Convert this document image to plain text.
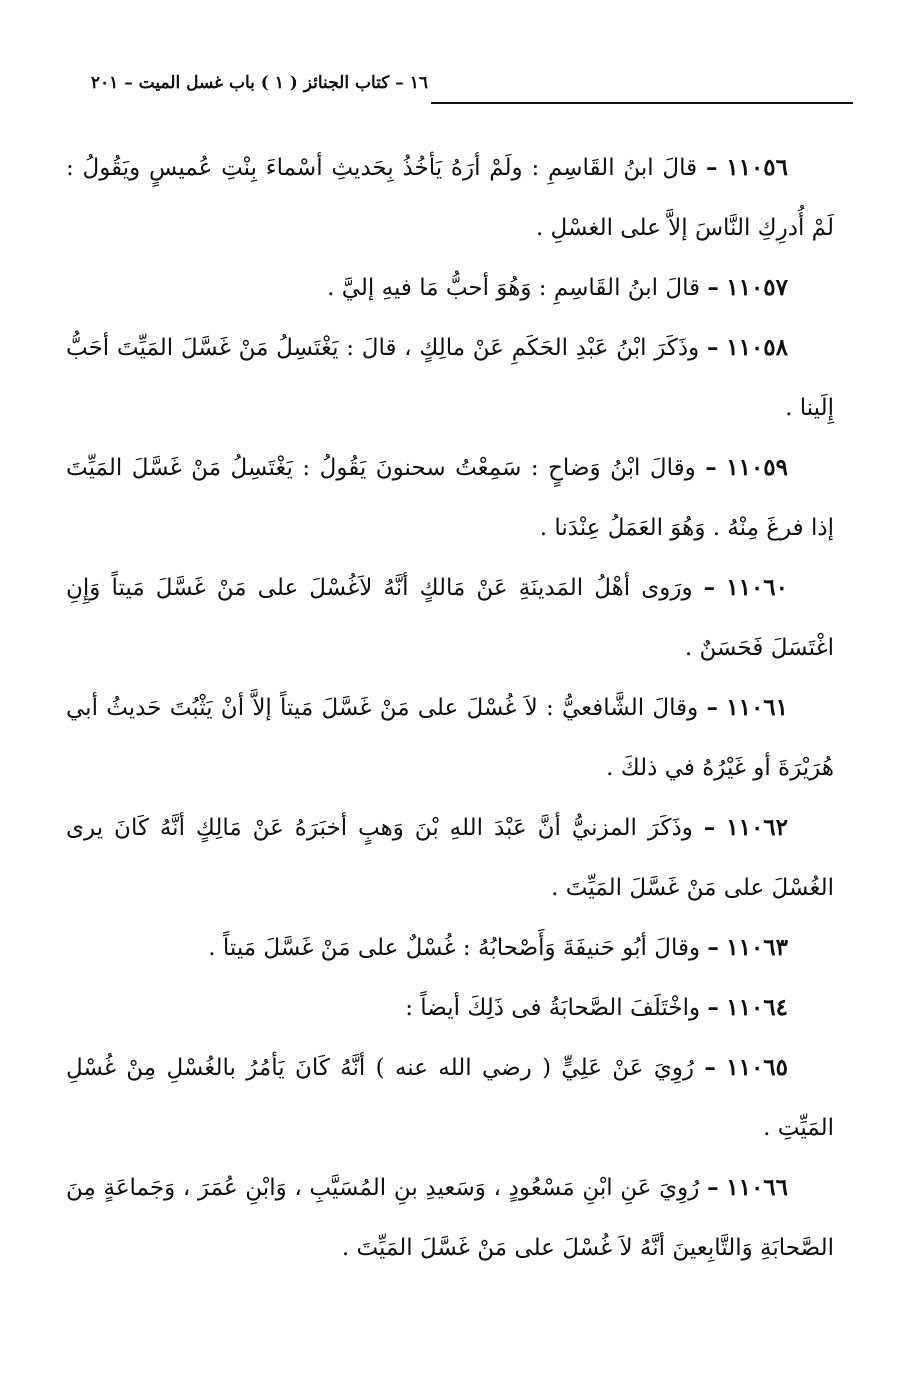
١٦ – كتاب الجنائز ( ١ ) باب غسل الميت – ٢٠١

١١٠٥٦ – قالَ ابنُ القَاسِمِ : ولَمْ أرَهُ يَأخُذُ بِحَديثِ أسْماءَ بِنْتِ عُميسٍ ويَقُولُ : لَمْ أُدرِكِ النَّاسَ إلاَّ على الغسْلِ .

١١٠٥٧ – قالَ ابنُ القَاسِمِ : وَهُوَ أحبُّ مَا فيهِ إليَّ .

١١٠٥٨ – وذَكَرَ ابْنُ عَبْدِ الحَكَمِ عَنْ مالِكٍ ، قالَ : يَغْتَسِلُ مَنْ غَسَّلَ المَيِّتَ أحَبُّ إِلَينا .

١١٠٥٩ – وقالَ ابْنُ وَضاحٍ : سَمِعْتُ سحنونَ يَقُولُ : يَغْتَسِلُ مَنْ غَسَّلَ المَيِّتَ إذا فرغَ مِنْهُ . وَهُوَ العَمَلُ عِنْدَنا .

١١٠٦٠ – ورَوى أهْلُ المَدينَةِ عَنْ مَالكٍ أنَّهُ لاَغُسْلَ على مَنْ غَسَّلَ مَيتاً وَإِنِ اغْتَسَلَ فَحَسَنٌ .

١١٠٦١ – وقالَ الشَّافعيُّ : لاَ غُسْلَ على مَنْ غَسَّلَ مَيتاً إلاَّ أنْ يَثْبُتَ حَديثُ أبي هُرَيْرَةَ أو غَيْرُهُ في ذلكَ .

١١٠٦٢ – وذَكَرَ المزنيُّ أنَّ عَبْدَ اللهِ بْنَ وَهبٍ أخبَرَهُ عَنْ مَالِكٍ أنَّهُ كَانَ يرى الغُسْلَ على مَنْ غَسَّلَ المَيِّتَ .

١١٠٦٣ – وقالَ أبُو حَنيفَةَ وَأَصْحابُهُ : غُسْلٌ على مَنْ غَسَّلَ مَيتاً .

١١٠٦٤ – واخْتَلَفَ الصَّحابَةُ فى ذَلِكَ أيضاً :

١١٠٦٥ – رُوِيَ عَنْ عَلِيٍّ ( رضي الله عنه ) أنَّهُ كَانَ يَأمُرُ بالغُسْلِ مِنْ غُسْلِ المَيِّتِ .

١١٠٦٦ – رُوِيَ عَنِ ابْنِ مَسْعُودٍ ، وَسَعيدِ بنِ المُسَيَّبِ ، وَابْنِ عُمَرَ ، وَجَماعَةٍ مِنَ الصَّحابَةِ وَالتَّابِعينَ أنَّهُ لاَ غُسْلَ على مَنْ غَسَّلَ المَيِّتَ .
